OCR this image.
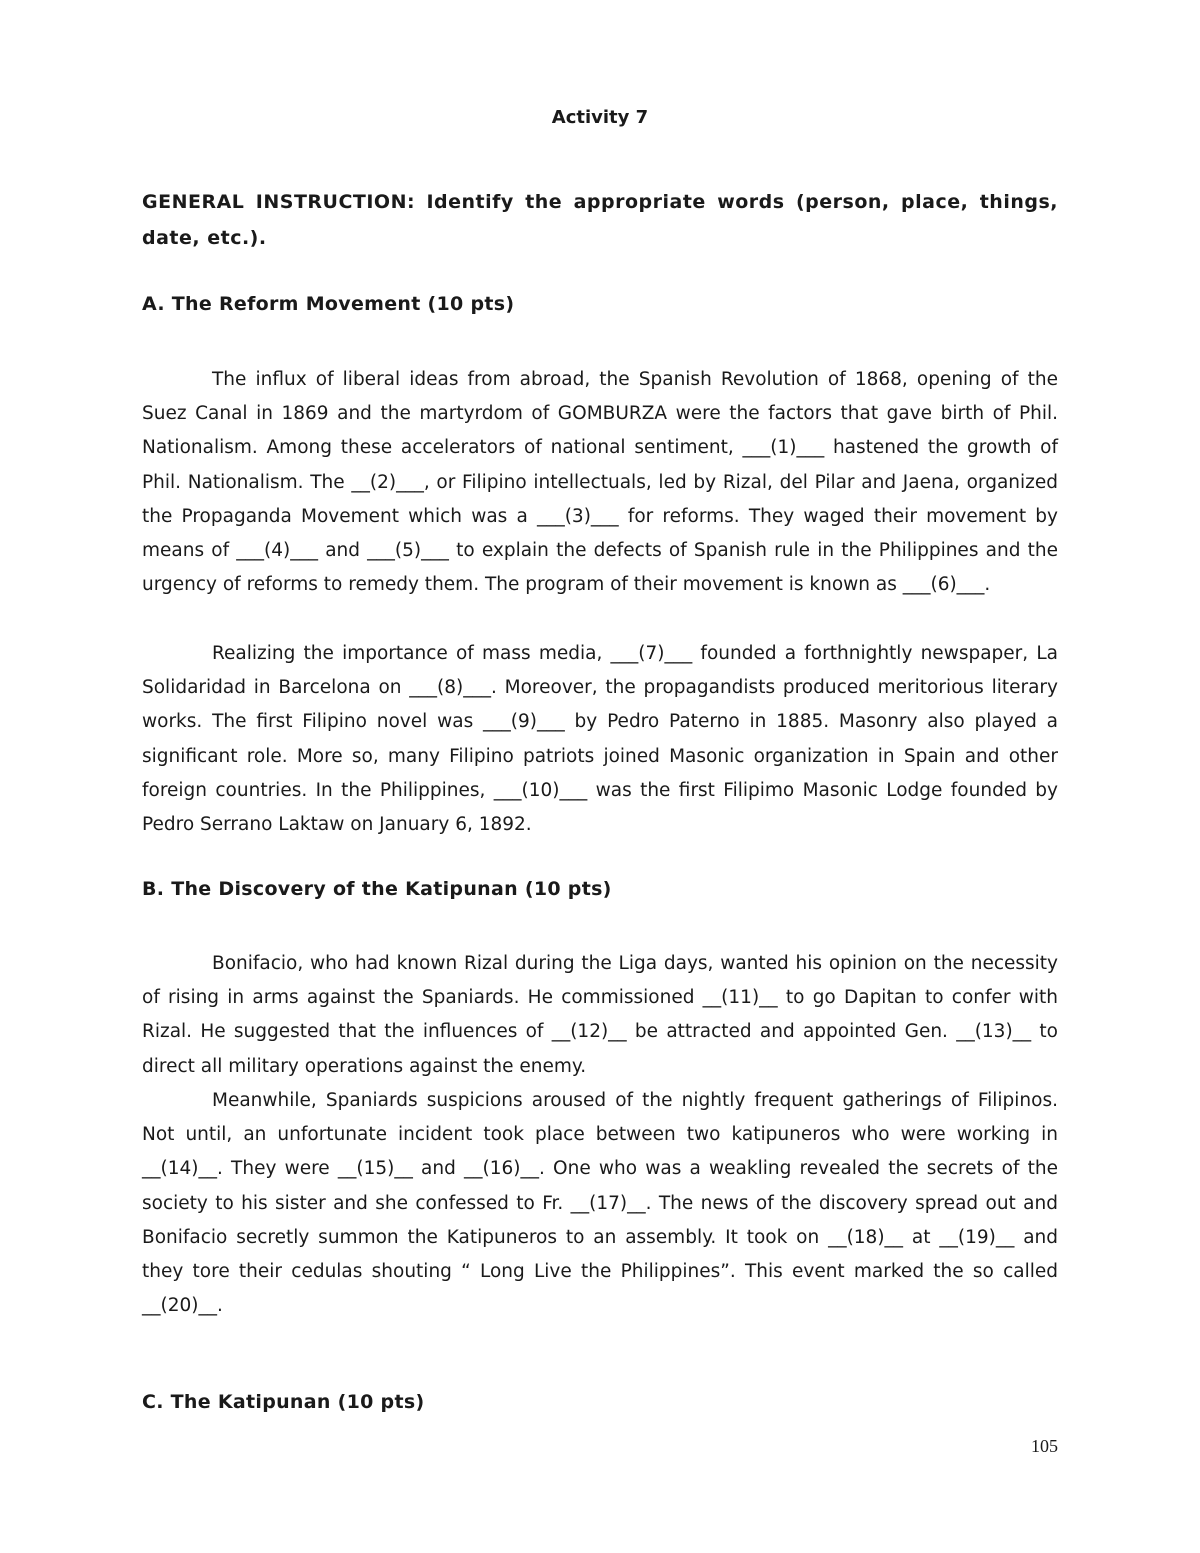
Activity 7

GENERAL INSTRUCTION: Identify the appropriate words (person, place, things, date, etc.).

A. The Reform Movement (10 pts)

The influx of liberal ideas from abroad, the Spanish Revolution of 1868, opening of the Suez Canal in 1869 and the martyrdom of GOMBURZA were the factors that gave birth of Phil. Nationalism. Among these accelerators of national sentiment, ___(1)___ hastened the growth of Phil. Nationalism. The __(2)___, or Filipino intellectuals, led by Rizal, del Pilar and Jaena, organized the Propaganda Movement which was a ___(3)___ for reforms. They waged their movement by means of ___(4)___ and ___(5)___ to explain the defects of Spanish rule in the Philippines and the urgency of reforms to remedy them. The program of their movement is known as ___(6)___.

Realizing the importance of mass media, ___(7)___ founded a forthnightly newspaper, La Solidaridad in Barcelona on ___(8)___. Moreover, the propagandists produced meritorious literary works. The first Filipino novel was ___(9)___ by Pedro Paterno in 1885. Masonry also played a significant role. More so, many Filipino patriots joined Masonic organization in Spain and other foreign countries. In the Philippines, ___(10)___ was the first Filipimo Masonic Lodge founded by Pedro Serrano Laktaw on January 6, 1892.

B. The Discovery of the Katipunan (10 pts)

Bonifacio, who had known Rizal during the Liga days, wanted his opinion on the necessity of rising in arms against the Spaniards. He commissioned __(11)__ to go Dapitan to confer with Rizal. He suggested that the influences of __(12)__ be attracted and appointed Gen. __(13)__ to direct all military operations against the enemy.

Meanwhile, Spaniards suspicions aroused of the nightly frequent gatherings of Filipinos. Not until, an unfortunate incident took place between two katipuneros who were working in __(14)__. They were __(15)__ and __(16)__. One who was a weakling revealed the secrets of the society to his sister and she confessed to Fr. __(17)__. The news of the discovery spread out and Bonifacio secretly summon the Katipuneros to an assembly. It took on __(18)__ at __(19)__ and they tore their cedulas shouting “ Long Live the Philippines”. This event marked the so called __(20)__.

C. The Katipunan (10 pts)
105
